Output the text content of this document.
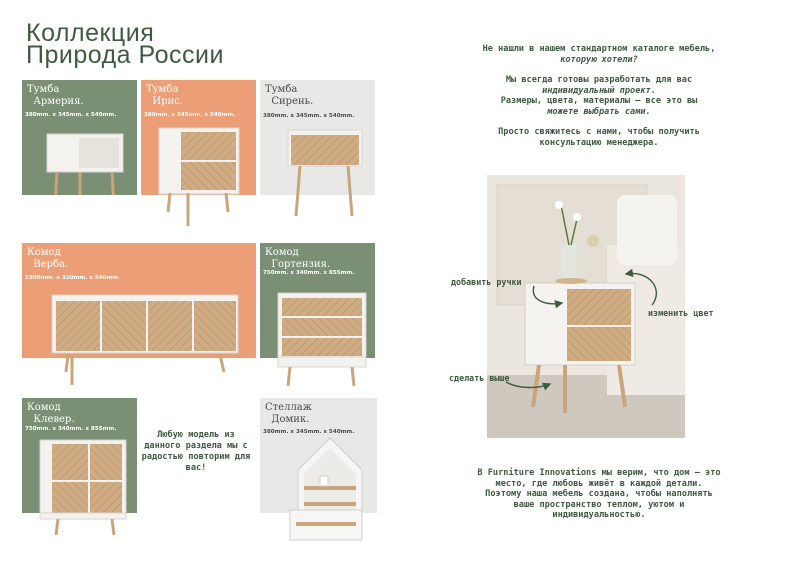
Коллекция
Природа России
Тумба
Армерия.
380mm. x 345mm. x 540mm.
Тумба
Ирис.
380mm. x 345mm. x 540mm.
Тумба
Сирень.
380mm. x 345mm. x 540mm.
Комод
Верба.
1500mm. x 320mm. x 540mm.
Комод
Гортензия.
750mm. x 340mm. x 855mm.
Комод
Клевер.
750mm. x 340mm. x 855mm.
Любую модель из данного раздела мы с радостью повторим для вас!
Стеллаж
Домик.
380mm. x 345mm. x 540mm.

Не нашли в нашем стандартном каталоге мебель,
которую хотели?

Мы всегда готовы разработать для вас
индивидуальный проект.
Размеры, цвета, материалы — все это вы
можете выбрать сами.

Просто свяжитесь с нами, чтобы получить
консультацию менеджера.

добавить ручки
изменить цвет
сделать выше

В Furniture Innovations мы верим, что дом — это
место, где любовь живёт в каждой детали.
Поэтому наша мебель создана, чтобы наполнять
ваше пространство теплом, уютом и
индивидуальностью.
